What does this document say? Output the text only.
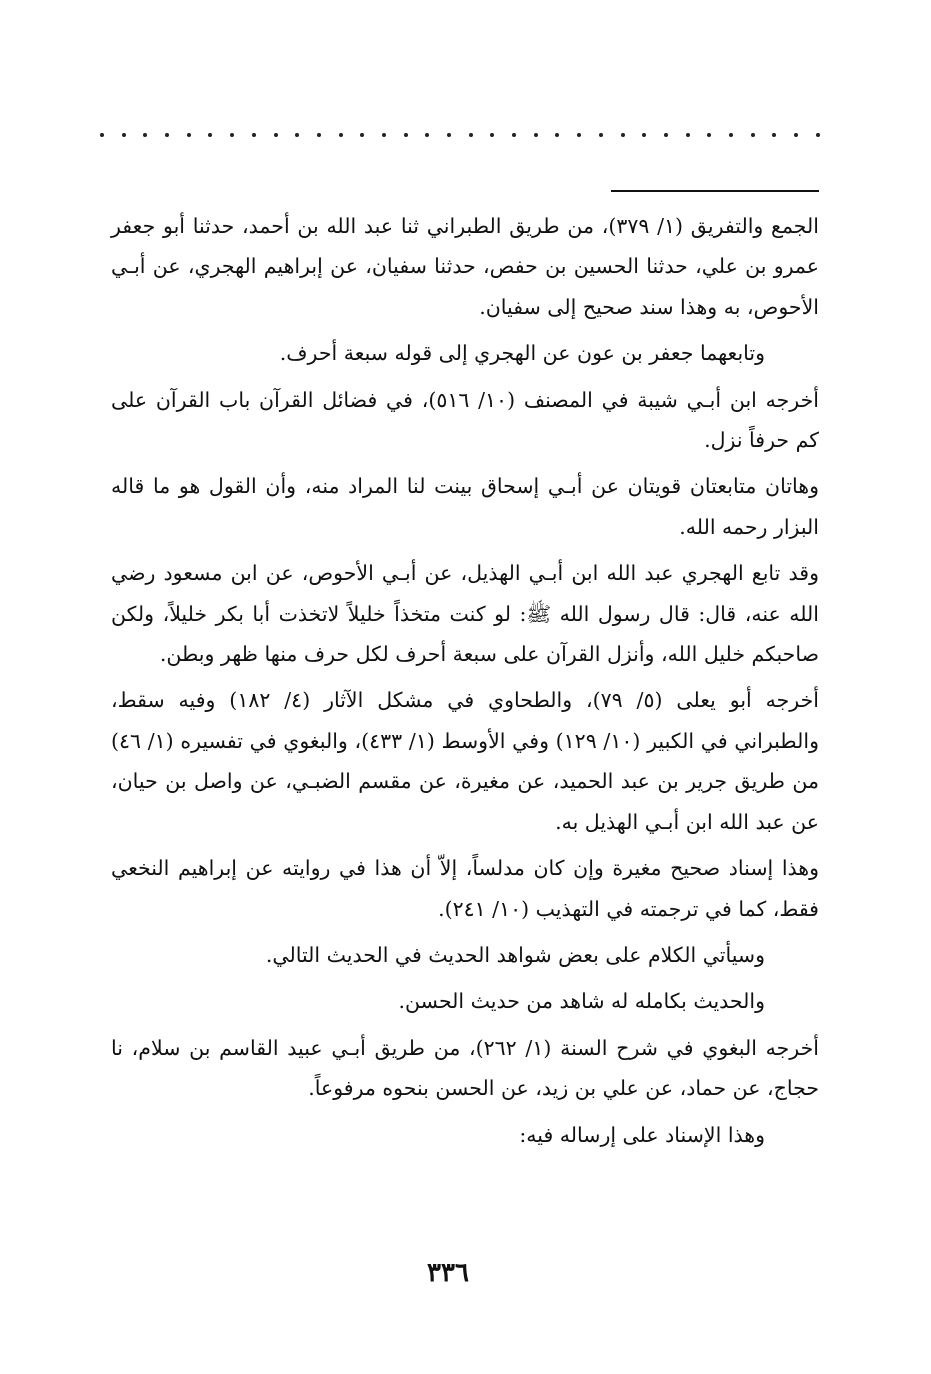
الجمع والتفريق (١/ ٣٧٩)، من طريق الطبراني ثنا عبد الله بن أحمد، حدثنا أبو جعفر عمرو بن علي، حدثنا الحسين بن حفص، حدثنا سفيان، عن إبراهيم الهجري، عن أبـي الأحوص، به وهذا سند صحيح إلى سفيان.

وتابعهما جعفر بن عون عن الهجري إلى قوله سبعة أحرف.

أخرجه ابن أبـي شيبة في المصنف (١٠/ ٥١٦)، في فضائل القرآن باب القرآن على كم حرفاً نزل.

وهاتان متابعتان قويتان عن أبـي إسحاق بينت لنا المراد منه، وأن القول هو ما قاله البزار رحمه الله.

وقد تابع الهجري عبد الله ابن أبـي الهذيل، عن أبـي الأحوص، عن ابن مسعود رضي الله عنه، قال: قال رسول الله ﷺ: لو كنت متخذاً خليلاً لاتخذت أبا بكر خليلاً، ولكن صاحبكم خليل الله، وأنزل القرآن على سبعة أحرف لكل حرف منها ظهر وبطن.

أخرجه أبو يعلى (٥/ ٧٩)، والطحاوي في مشكل الآثار (٤/ ١٨٢) وفيه سقط، والطبراني في الكبير (١٠/ ١٢٩) وفي الأوسط (١/ ٤٣٣)، والبغوي في تفسيره (١/ ٤٦) من طريق جرير بن عبد الحميد، عن مغيرة، عن مقسم الضبـي، عن واصل بن حيان، عن عبد الله ابن أبـي الهذيل به.

وهذا إسناد صحيح مغيرة وإن كان مدلساً، إلاّ أن هذا في روايته عن إبراهيم النخعي فقط، كما في ترجمته في التهذيب (١٠/ ٢٤١).

وسيأتي الكلام على بعض شواهد الحديث في الحديث التالي.

والحديث بكامله له شاهد من حديث الحسن.

أخرجه البغوي في شرح السنة (١/ ٢٦٢)، من طريق أبـي عبيد القاسم بن سلام، نا حجاج، عن حماد، عن علي بن زيد، عن الحسن بنحوه مرفوعاً.

وهذا الإسناد على إرساله فيه:

٣٣٦
